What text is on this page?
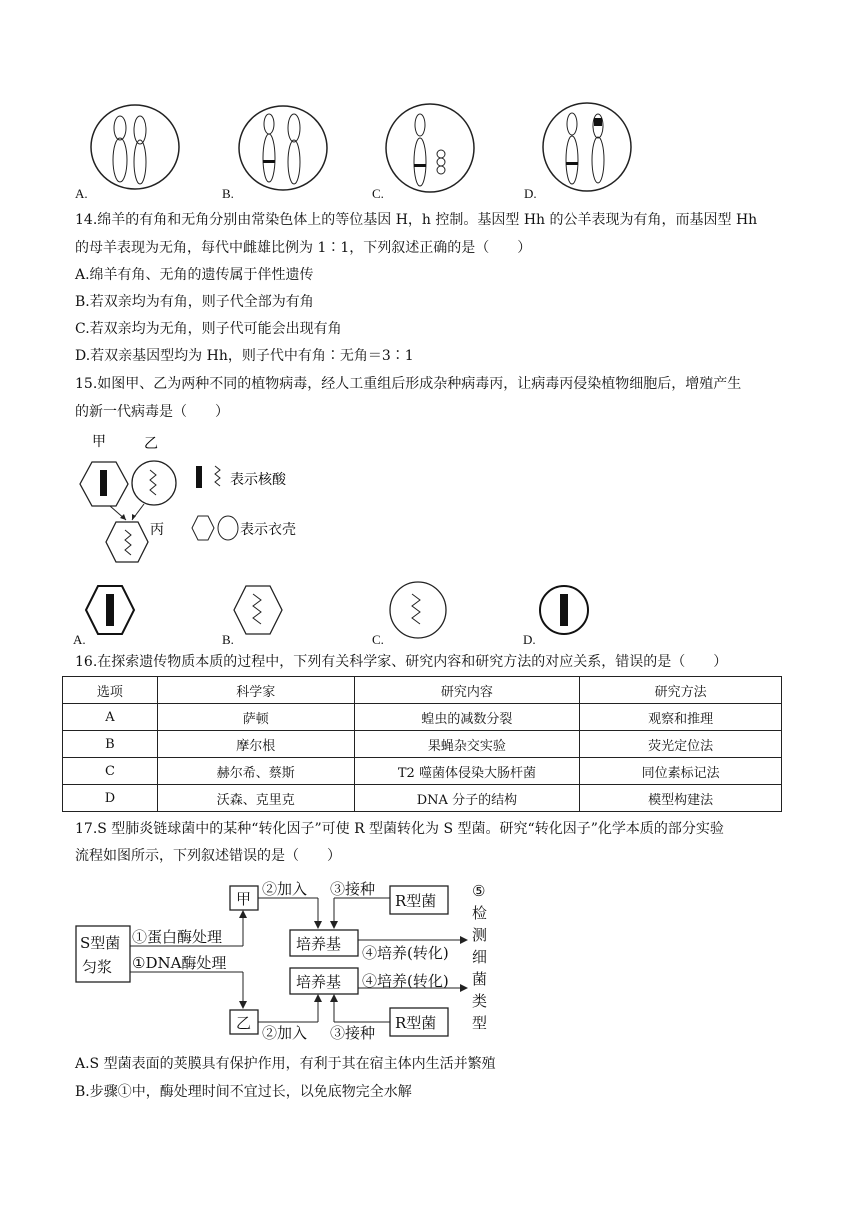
A.	B.	C.	D.
14.绵羊的有角和无角分别由常染色体上的等位基因 H，h 控制。基因型 Hh 的公羊表现为有角，而基因型 Hh
的母羊表现为无角，每代中雌雄比例为 1∶1，下列叙述正确的是（　　）
A.绵羊有角、无角的遗传属于伴性遗传
B.若双亲均为有角，则子代全部为有角
C.若双亲均为无角，则子代可能会出现有角
D.若双亲基因型均为 Hh，则子代中有角∶无角＝3∶1
15.如图甲、乙为两种不同的植物病毒，经人工重组后形成杂种病毒丙，让病毒丙侵染植物细胞后，增殖产生
的新一代病毒是（　　）
甲	乙
丙
表示核酸
表示衣壳
A.	B.	C.	D.
16.在探索遗传物质本质的过程中，下列有关科学家、研究内容和研究方法的对应关系，错误的是（　　）
选项	科学家	研究内容	研究方法
A	萨顿	蝗虫的减数分裂	观察和推理
B	摩尔根	果蝇杂交实验	荧光定位法
C	赫尔希、蔡斯	T2 噬菌体侵染大肠杆菌	同位素标记法
D	沃森、克里克	DNA 分子的结构	模型构建法
17.S 型肺炎链球菌中的某种“转化因子”可使 R 型菌转化为 S 型菌。研究“转化因子”化学本质的部分实验
流程如图所示，下列叙述错误的是（　　）
S型菌
匀浆
①蛋白酶处理
①DNA酶处理
甲
乙
②加入 ③接种
R型菌
培养基
培养基
④培养(转化)
④培养(转化)
②加入 ③接种
R型菌
⑤
检
测
细
菌
类
型
A.S 型菌表面的荚膜具有保护作用，有利于其在宿主体内生活并繁殖
B.步骤①中，酶处理时间不宜过长，以免底物完全水解
